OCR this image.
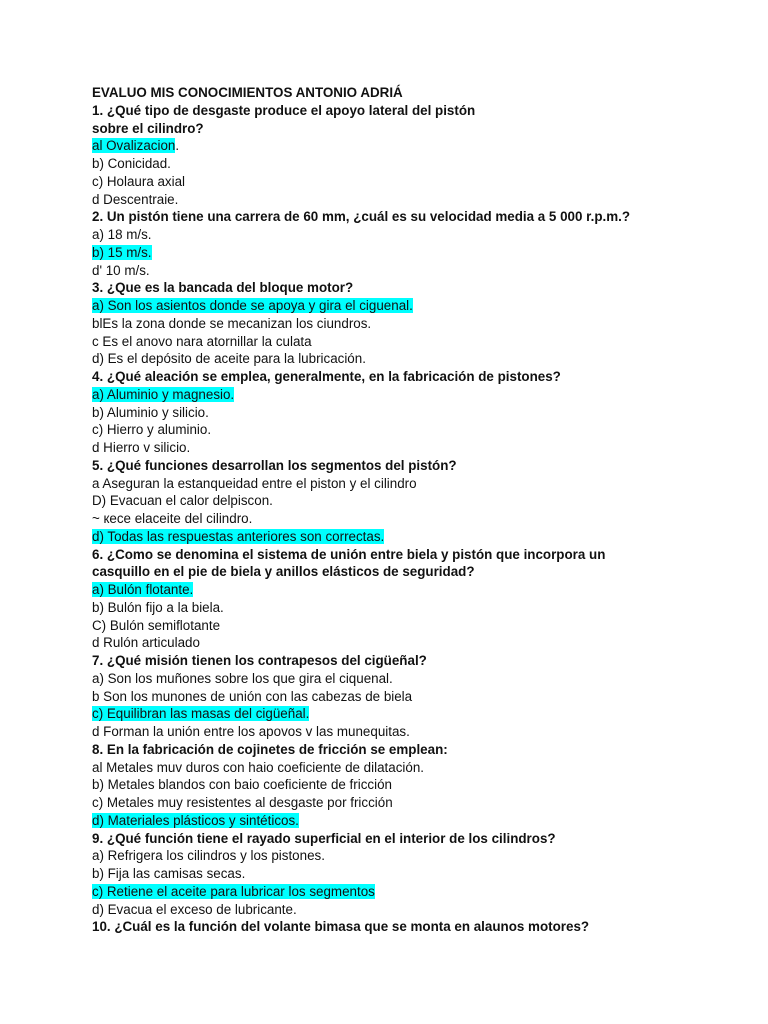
EVALUO MIS CONOCIMIENTOS ANTONIO ADRIÁ
1. ¿Qué tipo de desgaste produce el apoyo lateral del pistón
sobre el cilindro?
al Ovalizacion.
b) Conicidad.
c) Holaura axial
d Descentraie.
2. Un pistón tiene una carrera de 60 mm, ¿cuál es su velocidad media a 5 000 r.p.m.?
a) 18 m/s.
b) 15 m/s.
d' 10 m/s.
3. ¿Que es la bancada del bloque motor?
a) Son los asientos donde se apoya y gira el ciguenal.
blEs la zona donde se mecanizan los ciundros.
c Es el anovo nara atornillar la culata
d) Es el depósito de aceite para la lubricación.
4. ¿Qué aleación se emplea, generalmente, en la fabricación de pistones?
a) Aluminio y magnesio.
b) Aluminio y silicio.
c) Hierro y aluminio.
d Hierro v silicio.
5. ¿Qué funciones desarrollan los segmentos del pistón?
a Aseguran la estanqueidad entre el piston y el cilindro
D) Evacuan el calor delpiscon.
~ кece elaceite del cilindro.
d) Todas las respuestas anteriores son correctas.
6. ¿Como se denomina el sistema de unión entre biela y pistón que incorpora un
casquillo en el pie de biela y anillos elásticos de seguridad?
a) Bulón flotante.
b) Bulón fijo a la biela.
C) Bulón semiflotante
d Rulón articulado
7. ¿Qué misión tienen los contrapesos del cigüeñal?
a) Son los muñones sobre los que gira el ciquenal.
b Son los munones de unión con las cabezas de biela
c) Equilibran las masas del cigüeñal.
d Forman la unión entre los apovos v las munequitas.
8. En la fabricación de cojinetes de fricción se emplean:
al Metales muv duros con haio coeficiente de dilatación.
b) Metales blandos con baio coeficiente de fricción
c) Metales muy resistentes al desgaste por fricción
d) Materiales plásticos y sintéticos.
9. ¿Qué función tiene el rayado superficial en el interior de los cilindros?
a) Refrigera los cilindros y los pistones.
b) Fija las camisas secas.
c) Retiene el aceite para lubricar los segmentos
d) Evacua el exceso de lubricante.
10. ¿Cuál es la función del volante bimasa que se monta en alaunos motores?
